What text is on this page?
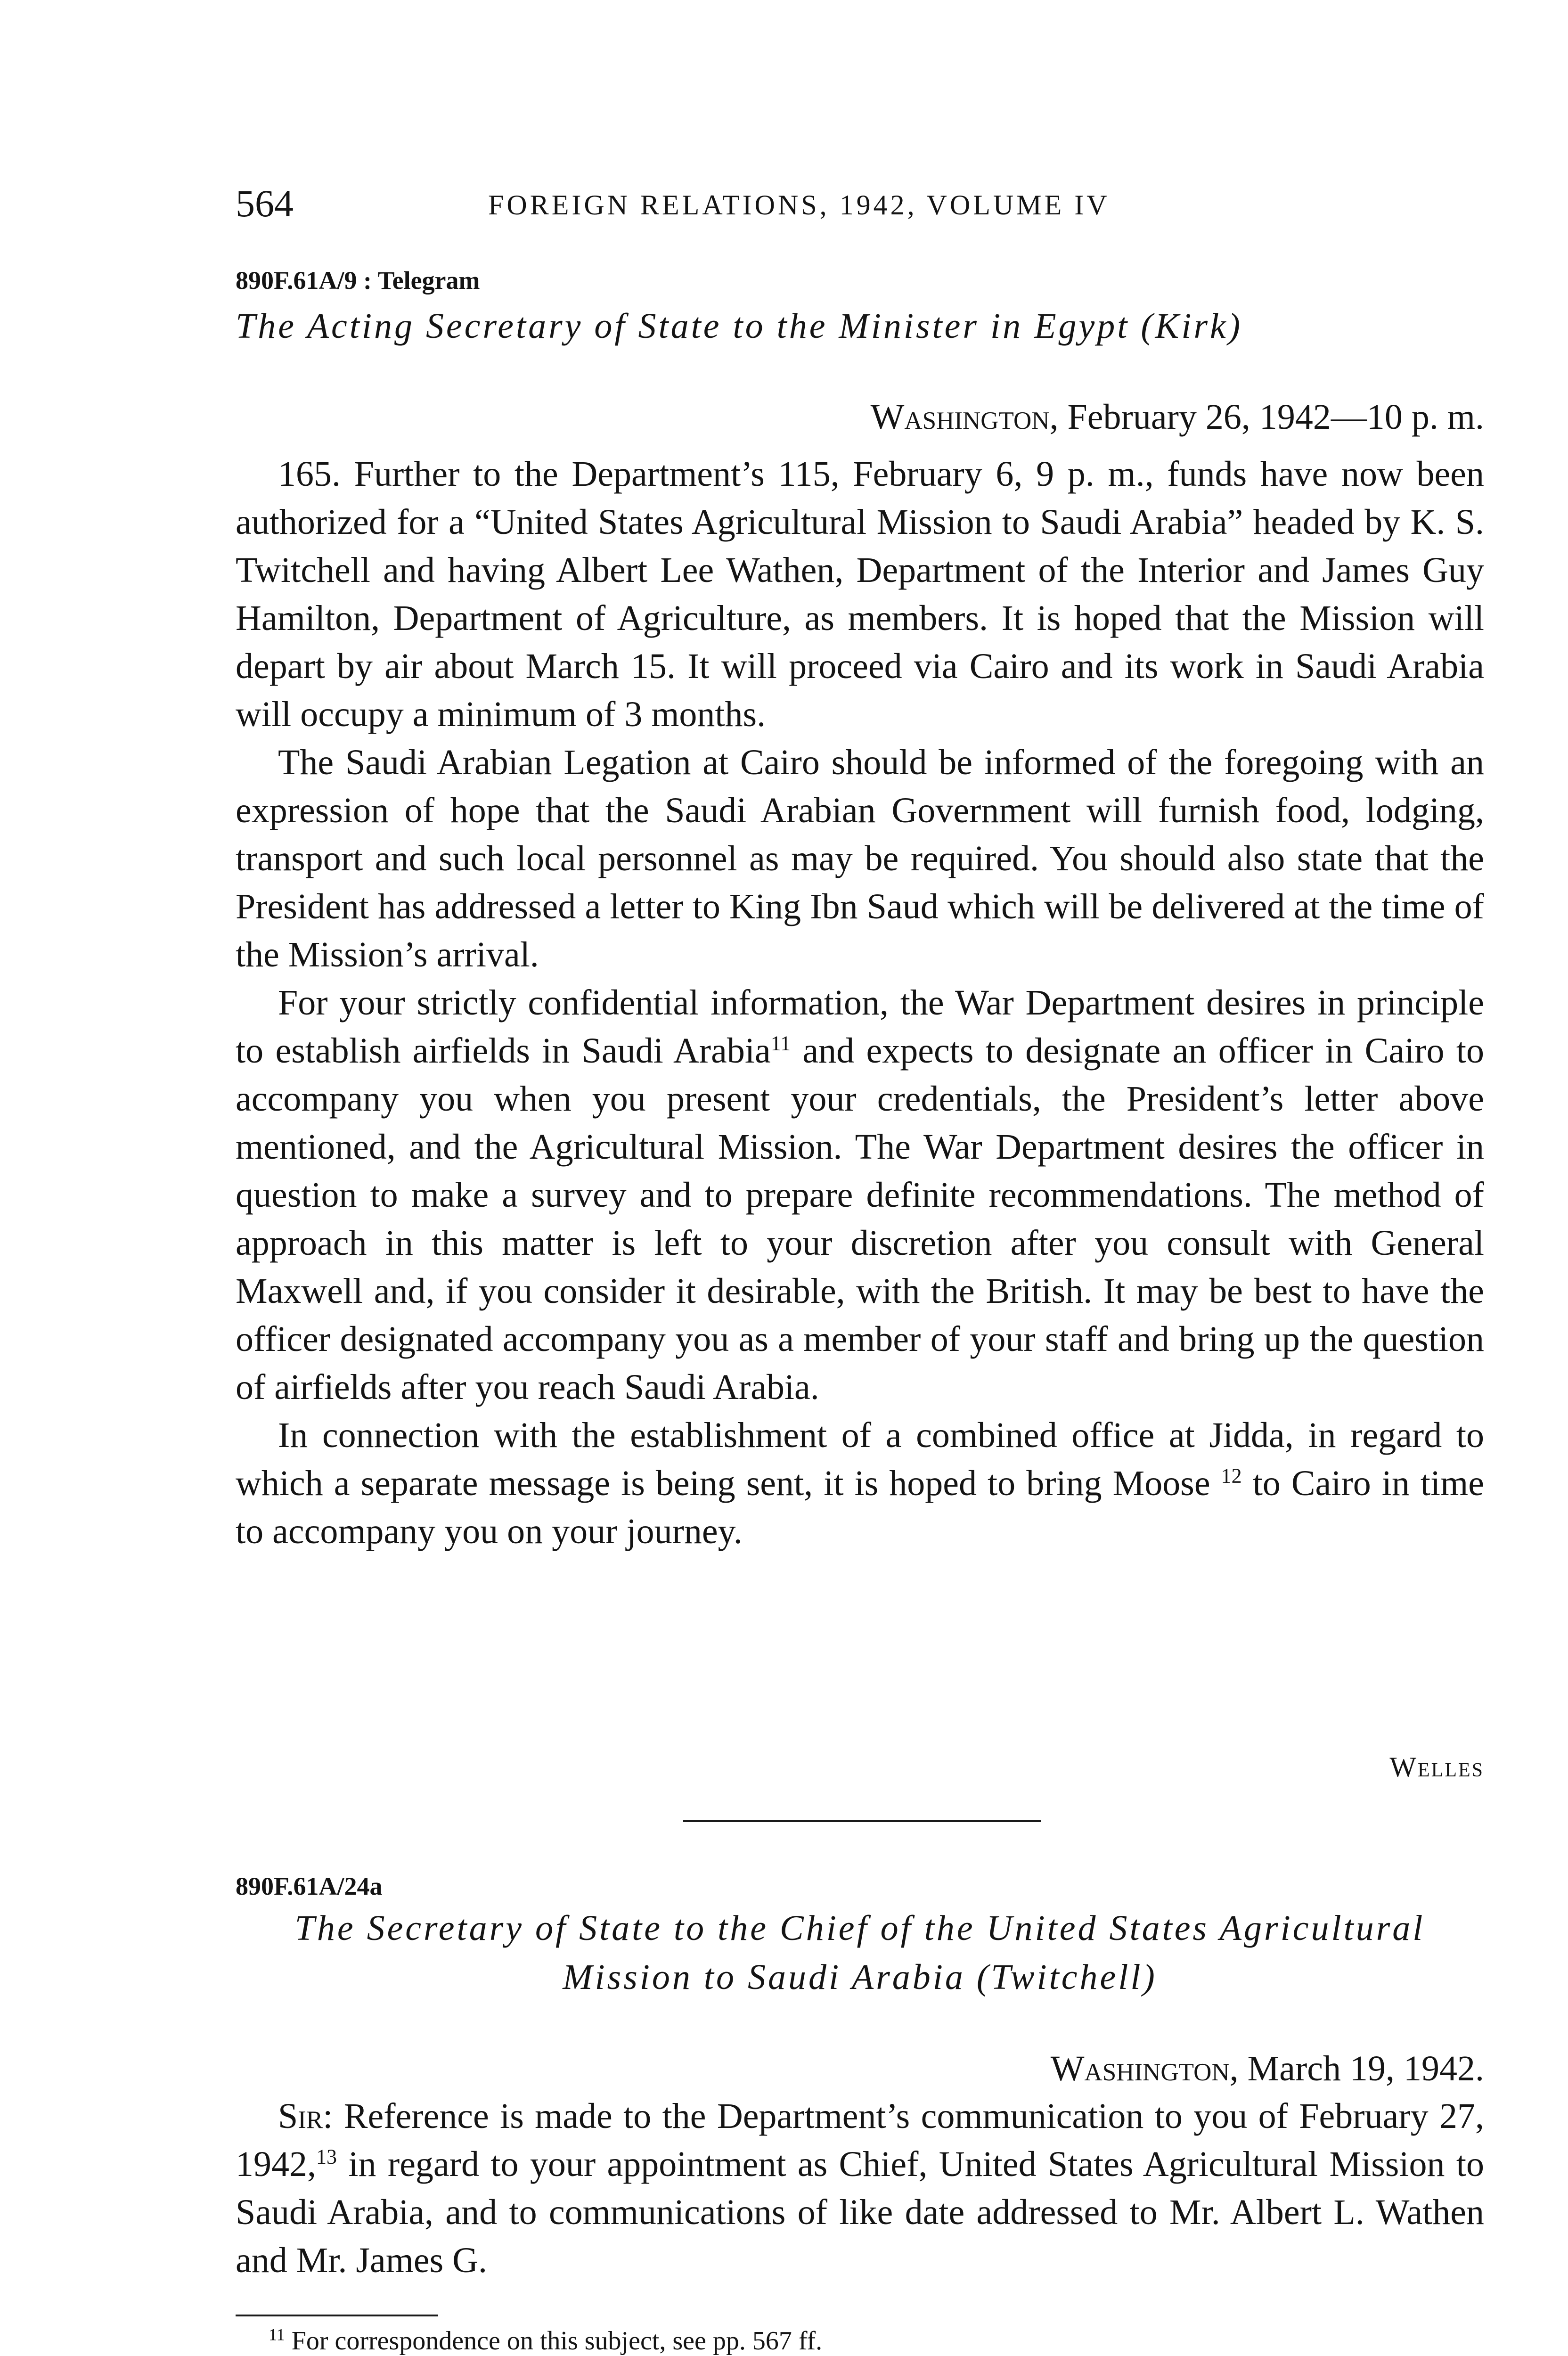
564	FOREIGN RELATIONS, 1942, VOLUME IV
890F.61A/9 : Telegram
The Acting Secretary of State to the Minister in Egypt (Kirk)
Washington, February 26, 1942—10 p. m.

165. Further to the Department’s 115, February 6, 9 p. m., funds have now been authorized for a “United States Agricultural Mission to Saudi Arabia” headed by K. S. Twitchell and having Albert Lee Wathen, Department of the Interior and James Guy Hamilton, Department of Agriculture, as members. It is hoped that the Mission will depart by air about March 15. It will proceed via Cairo and its work in Saudi Arabia will occupy a minimum of 3 months.

The Saudi Arabian Legation at Cairo should be informed of the foregoing with an expression of hope that the Saudi Arabian Government will furnish food, lodging, transport and such local personnel as may be required. You should also state that the President has addressed a letter to King Ibn Saud which will be delivered at the time of the Mission’s arrival.

For your strictly confidential information, the War Department desires in principle to establish airfields in Saudi Arabia$^{11}$ and expects to designate an officer in Cairo to accompany you when you present your credentials, the President’s letter above mentioned, and the Agricultural Mission. The War Department desires the officer in question to make a survey and to prepare definite recommendations. The method of approach in this matter is left to your discretion after you consult with General Maxwell and, if you consider it desirable, with the British. It may be best to have the officer designated accompany you as a member of your staff and bring up the question of airfields after you reach Saudi Arabia.

In connection with the establishment of a combined office at Jidda, in regard to which a separate message is being sent, it is hoped to bring Moose $^{12}$ to Cairo in time to accompany you on your journey.

Welles
890F.61A/24a
The Secretary of State to the Chief of the United States Agricultural
Mission to Saudi Arabia (Twitchell)
Washington, March 19, 1942.

Sir: Reference is made to the Department’s communication to you of February 27, 1942,13 in regard to your appointment as Chief, United States Agricultural Mission to Saudi Arabia, and to communications of like date addressed to Mr. Albert L. Wathen and Mr. James G.

$^{11}$ For correspondence on this subject, see pp. 567 ff.
